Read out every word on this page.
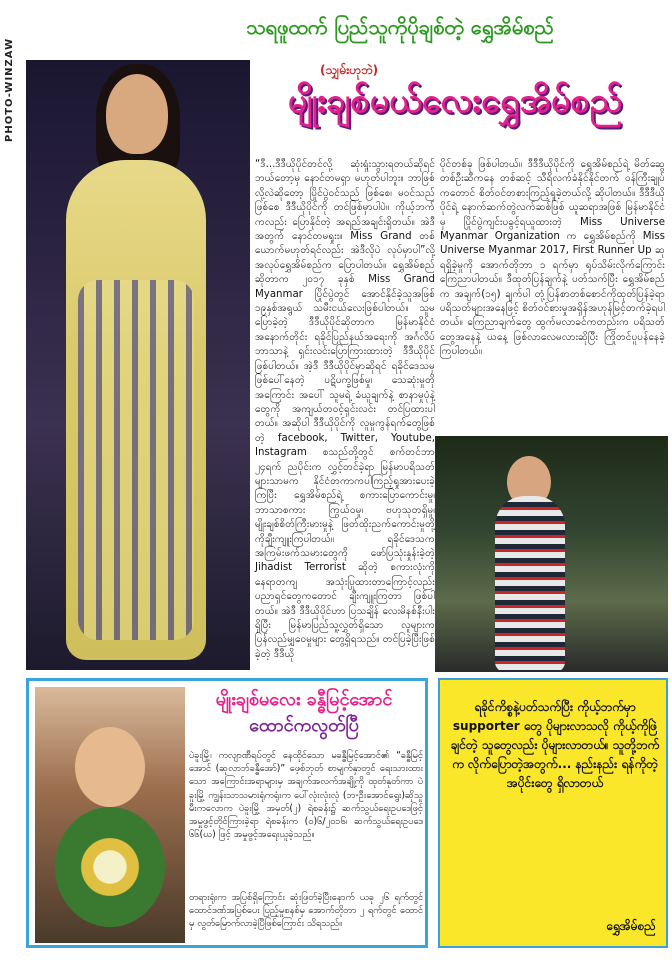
PHOTO-WINZAW
သရဖူထက် ပြည်သူကိုပိုချစ်တဲ့ ရွှေအိမ်စည်
(သျှမ်းဟုဘဲ)
မျိုးချစ်မယ်လေးရွှေအိမ်စည်
“ဒီ...ဒီဒီယိုပိုင်တင်လို့ ဆုံးရှုံးသွားရတယ်ဆိုရင် ဘယ်တော့မှ နောင်တမရှာ မဟုတ်ပါဘူး။ ဘာဖြစ်လို့လဲဆိုတော့ ပြိုင်ပွဲဝင်သည် ဖြစ်စေ၊ မဝင်သည်ဖြစ်စေ ဒီဒီယိုပိုင်ကို တင်ဖြစ်မှာပါပဲ။ ကိုယ့်ဘက်ကလည်း ပြောနိုင်တဲ့ အရည်အချင်းရှိတယ်။ အဲဒီအတွက် နောင်တမရှုးး။ Miss Grand တစ်ယောက်မဟုတ်ရင်လည်း အဲဒီလိုပဲ လုပ်မှာပါ”လို့ အလုပ်ရွှေအိမ်စည်က ပြောပါတယ်။ ရွှေအိမ်စည် ဆိုတာက ၂၀၁၇ ခုနှစ် Miss Grand Myanmar ပြိုင်ပွဲတွင် အောင်နိုင်ခဲ့သူအဖြစ် ၁၉နှစ်အရွယ် သမီးငယ်လေးဖြစ်ပါတယ်။ သူမပြောခဲ့တဲ့ ဒီဒီယိုပိုင်ဆိုတာက မြန်မာနိုင်ငံ အနောက်တိုင်း ရခိုင်ပြည်နယ်အရေးကို အင်္ဂလိပ်ဘာသာနဲ့ ရှင်းလင်းပြောကြားထားတဲ့ ဒီဒီယိုပိုင် ဖြစ်ပါတယ်။ အဲ့ဒီ ဒီဒီယိုပိုင်မှာဆိုရင် ရခိုင်ဒေသမှ ဖြစ်ပေါ်နေတဲ့ ပဋိပက္ခဖြစ်မှု၊ သေဆုံးမှုတိုအကြောင်း အပေါ် သူမရဲ့ ခံယူချက်နဲ့ စာနာမှုပုံနဲ့တွေကို အကျယ်တဝင့်ရှင်းလင်း တင်ပြထားပါတယ်။ အဆိုပါ ဒီဒီယိုပိုင်ကို လူမှုကွန်ရက်တွေဖြစ်တဲ့ facebook, Twitter, Youtube, Instagram စသည်တို့တွင် စက်တင်ဘာ ၂၄ရက် ညပိုင်းက လွှင့်တင်ခဲ့ရာ မြန်မာပရိသတ်များသာမက နိုင်ငံတကာကပါကြည့်ရှုအားပေးခဲ့ကြပြီး ရွှေအိမ်စည်ရဲ့ စကားပြောကောင်းမှု၊ ဘာသာစကား ကြွယ်ဝမှု၊ ဗဟုသုတရှိမှု၊ မျိုးချစ်စိတ်ကြီးမားမှုနဲ့ ဖြတ်ထိုးညက်ကောင်းမှုတို့ကိုချီးကျူးကြပါတယ်။ ရခိုင်ဒေသက အကြမ်းဖက်သမားတွေကို ဖော်ပြသုံးနှုန်းခဲ့တဲ့ Jihadist Terrorist ဆိုတဲ့ စကားလုံးကို နေရာတကျ အသုံးပြုထားတာကြောင့်လည်း ပညာရှင်တွေကတောင် ချီးကျူးကြတာ ဖြစ်ပါတယ်။ အဲဒီ ဒီဒီယိုပိုင်ဟာ ပြသချိန် လေးမိနစ်နီးပါးရှိပြီး မြန်မာပြည်သူ့လွှတ်ရှိသော လူများကပြန်လည်မျှဝေမှုများ တွေ့ရှိရသည်။ တင်ပြခဲ့ပြီးဖြစ်ခဲ့တဲ့ ဒီဒီယို
ပိုင်တစ်ခု ဖြစ်ပါတယ်။ ဒီဒီဒီယိုပိုင်ကို ရွှေအိမ်စည်ရဲ့ မိတ်ဆွေတစ်ဦးဆီကနေ တစ်ဆင့် သီရိလက်ခံနိုင်နိုင်တက် ဝန်ကြီးချုပ်ကတောင် စိတ်ဝင်တစားကြည့်ရှုခဲ့တယ်လို့ ဆိုပါတယ်။ ဒီဒီဒီယိုပိုင်ရဲ့ နောက်ဆက်တွဲလက်ဆစ်ဖြစ် ယူဆရာအဖြစ် မြန်မာနိုင်ငံမှ ပြိုင်ပွဲကျင်းပခွင့်ရယူထားတဲ့ Miss Universe Myanmar Organization က ရွှေအိမ်စည်ကို Miss Universe Myanmar 2017, First Runner Up ဆုရရှိခဲ့မှုကို အောက်တိုဘာ ၁ ရက်မှာ ရုပ်သိမ်းလိုက်ကြောင်း ကြေညာပါတယ်။ ဒီထုတ်ပြန်ချက်နဲ့ ပတ်သက်ပြီး ရွှေအိမ်စည်က အချက်(၁၅) ချက်ပါ တုံ့ပြန်စာတစ်စောင်ကိုထုတ်ပြန်ခဲ့ရာ ပရိသတ်များအနေဖြင့် စိတ်ဝင်စားမှုအရှိန်အဟုန်မြင့်တက်ခဲ့ရပါတယ်။ ကြေညာချက်တွေ ထွက်မလာခင်ကတည်းက ပရိသတ်တွေအနေနဲ့ ယနေ့ ဖြစ်လာလေမလားဆိုပြီး ကြိုတင်ပူပန်နေခဲ့ကြပါတယ်။
မျိုးချစ်မလေး ခန္ဓီမြင့်အောင်
ထောင်ကလွတ်ပြီ
ပဲခူးမြို့၊ ကလျာဏီရပ်တွင် နေထိုင်သော မခန္ဓီမြင့်အောင်၏ “ခန္ဓီမြင့်အောင် (ဆုလာဘ်ခန္ဓီအော်)” ဖေ့စ်ဘုတ် စာမျက်နှာတွင် ရေးသားထားသော အကြောင်းအရာများမှ အချက်အလက်အချို့ကို ထုတ်နုတ်ကာ ပဲခူးမြို့ ကျွန်းသာသမားရုံကရုံးက ပေါ်လုံးလုံးလုံ (ဘ-ဦးအောင်ရွေး)ဆိုသူ မီးကလောက ပဲခူးမြို့ အမှတ်(၂) ရဲစခန်း၌ ဆက်သွယ်ရေးဥပဒေဖြင့် အမှုဖွင့်တိုင်ကြားခဲ့ရာ ရဲစခန်းက (၀)၆/၂၀၁၆၊ ဆက်သွယ်ရေးဥပဒေ ၆၆(ဃ) ဖြင့် အမှုဖွင့်အရေးယူခဲ့သည်။
တရားရုံးက အပြစ်ရှိကြောင်း ဆုံးဖြတ်ခဲ့ပြီးနောက် ယခု ၂၆ ရက်တွင် ထောင်ဒဏ်အပြစ်ပေး ပြည့်မှုစနစ်မှ အောက်တိုဘာ ၂ ရက်တွင် ထောင်မှ လွတ်မြောက်လာခဲ့ပြီဖြစ်ကြောင်း သိရသည်။
ရခိုင်ကိစ္စနဲ့ပတ်သက်ပြီး ကိုယ့်ဘက်မှာ supporter တွေ ပိုများလာသလို ကိုယ့်ကိုဖြဲချင်တဲ့ သူတွေလည်း ပိုများလာတယ်။ သူတို့ဘက်က လိုက်ပြောတဲ့အတွက်... နည်းနည်း ရန်ကိုတဲ့အပိုင်းတွေ ရှိလာတယ်
ရွှေအိမ်စည်
